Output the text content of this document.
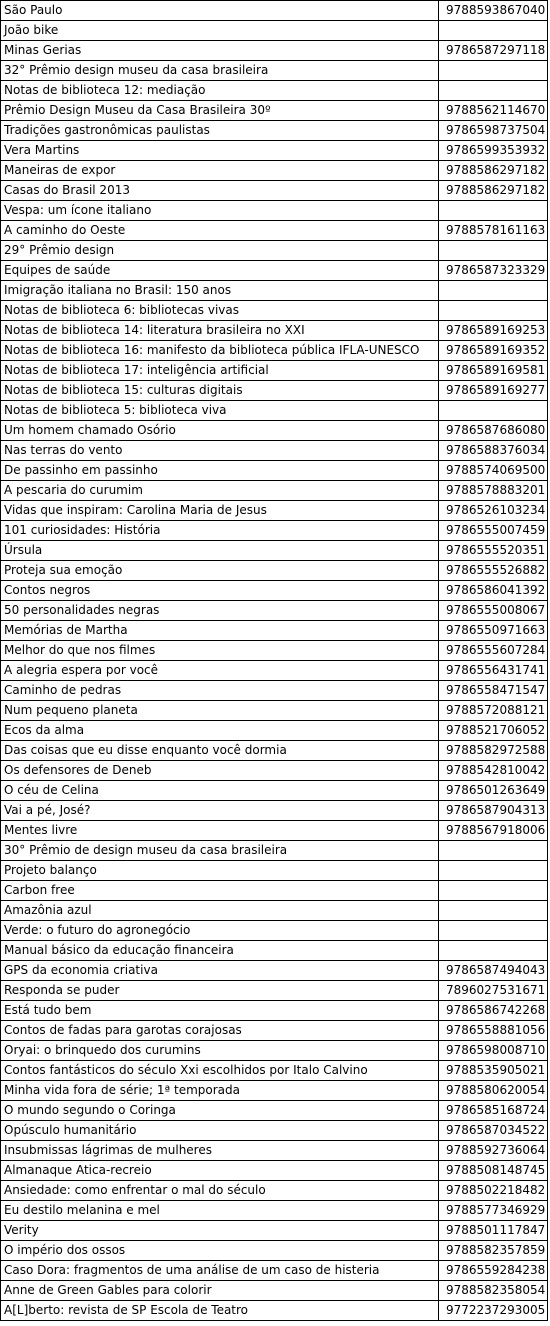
São Paulo	9788593867040
João bike	
Minas Gerias	9786587297118
32° Prêmio design museu da casa brasileira	
Notas de biblioteca 12: mediação	
Prêmio Design Museu da Casa Brasileira 30º	9788562114670
Tradições gastronômicas paulistas	9786598737504
Vera Martins	9786599353932
Maneiras de expor	9788586297182
Casas do Brasil 2013	9788586297182
Vespa: um ícone italiano	
A caminho do Oeste	9788578161163
29° Prêmio design	
Equipes de saúde	9786587323329
Imigração italiana no Brasil: 150 anos	
Notas de biblioteca 6: bibliotecas vivas	
Notas de biblioteca 14: literatura brasileira no XXI	9786589169253
Notas de biblioteca 16: manifesto da biblioteca pública IFLA-UNESCO	9786589169352
Notas de biblioteca 17: inteligência artificial	9786589169581
Notas de biblioteca 15: culturas digitais	9786589169277
Notas de biblioteca 5: biblioteca viva	
Um homem chamado Osório	9786587686080
Nas terras do vento	9786588376034
De passinho em passinho	9788574069500
A pescaria do curumim	9788578883201
Vidas que inspiram: Carolina Maria de Jesus	9786526103234
101 curiosidades: História	9786555007459
Úrsula	9786555520351
Proteja sua emoção	9786555526882
Contos negros	9786586041392
50 personalidades negras	9786555008067
Memórias de Martha	9786550971663
Melhor do que nos filmes	9786555607284
A alegria espera por você	9786556431741
Caminho de pedras	9786558471547
Num pequeno planeta	9788572088121
Ecos da alma	9788521706052
Das coisas que eu disse enquanto você dormia	9788582972588
Os defensores de Deneb	9788542810042
O céu de Celina	9786501263649
Vai a pé, José?	9786587904313
Mentes livre	9788567918006
30° Prêmio de design museu da casa brasileira	
Projeto balanço	
Carbon free	
Amazônia azul	
Verde: o futuro do agronegócio	
Manual básico da educação financeira	
GPS da economia criativa	9786587494043
Responda se puder	7896027531671
Está tudo bem	9786586742268
Contos de fadas para garotas corajosas	9786558881056
Oryai: o brinquedo dos curumins	9786598008710
Contos fantásticos do século Xxi escolhidos por Italo Calvino	9788535905021
Minha vida fora de série; 1ª temporada	9788580620054
O mundo segundo o Coringa	9786585168724
Opúsculo humanitário	9786587034522
Insubmissas lágrimas de mulheres	9788592736064
Almanaque Atica-recreio	9788508148745
Ansiedade: como enfrentar o mal do século	9788502218482
Eu destilo melanina e mel	9788577346929
Verity	9788501117847
O império dos ossos	9788582357859
Caso Dora: fragmentos de uma análise de um caso de histeria	9786559284238
Anne de Green Gables para colorir	9788582358054
A[L]berto: revista de SP Escola de Teatro	9772237293005
